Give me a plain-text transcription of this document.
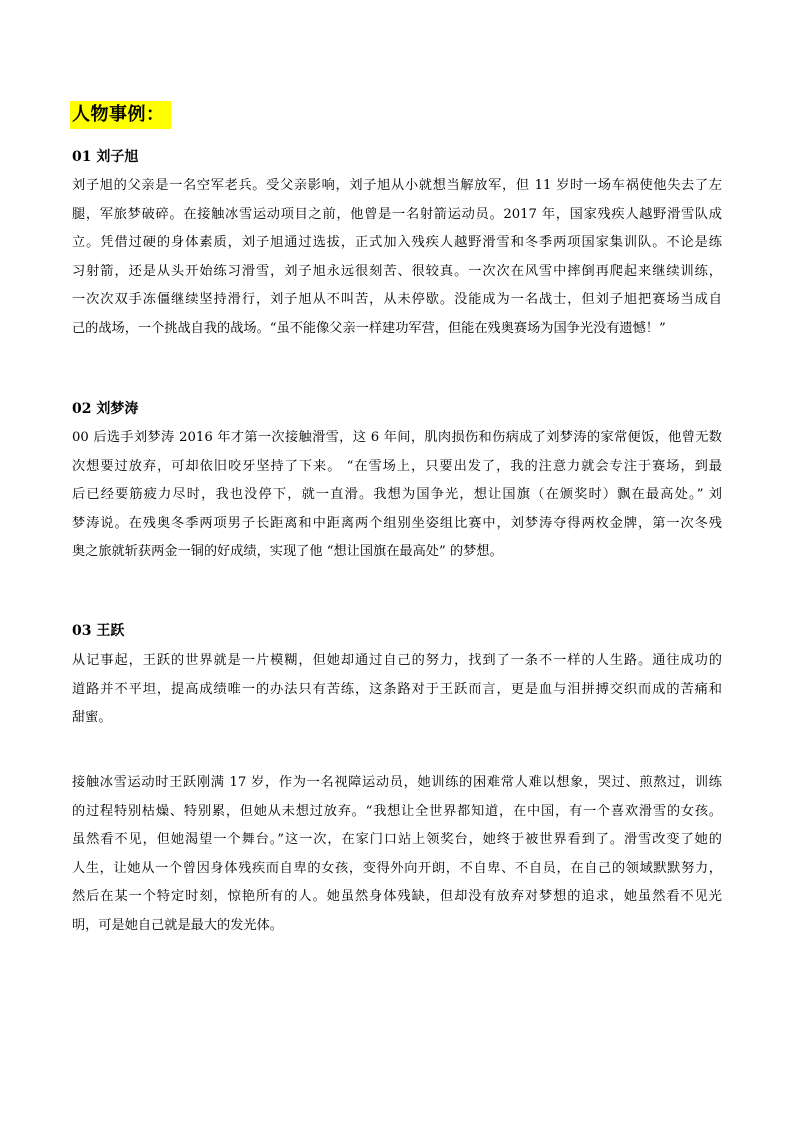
人物事例：
01 刘子旭
刘子旭的父亲是一名空军老兵。受父亲影响，刘子旭从小就想当解放军，但 11 岁时一场车祸使他失去了左
腿，军旅梦破碎。在接触冰雪运动项目之前，他曾是一名射箭运动员。2017 年，国家残疾人越野滑雪队成
立。凭借过硬的身体素质，刘子旭通过选拔，正式加入残疾人越野滑雪和冬季两项国家集训队。不论是练
习射箭，还是从头开始练习滑雪，刘子旭永远很刻苦、很较真。一次次在风雪中摔倒再爬起来继续训练，
一次次双手冻僵继续坚持滑行，刘子旭从不叫苦，从未停歇。没能成为一名战士，但刘子旭把赛场当成自
己的战场，一个挑战自我的战场。“虽不能像父亲一样建功军营，但能在残奥赛场为国争光没有遗憾！”
02 刘梦涛
00 后选手刘梦涛 2016 年才第一次接触滑雪，这 6 年间，肌肉损伤和伤病成了刘梦涛的家常便饭，他曾无数
次想要过放弃，可却依旧咬牙坚持了下来。 “在雪场上，只要出发了，我的注意力就会专注于赛场，到最
后已经要筋疲力尽时，我也没停下，就一直滑。我想为国争光，想让国旗（在颁奖时）飘在最高处。” 刘
梦涛说。在残奥冬季两项男子长距离和中距离两个组别坐姿组比赛中，刘梦涛夺得两枚金牌，第一次冬残
奥之旅就斩获两金一铜的好成绩，实现了他 “想让国旗在最高处” 的梦想。
03 王跃
从记事起，王跃的世界就是一片模糊，但她却通过自己的努力，找到了一条不一样的人生路。通往成功的
道路并不平坦，提高成绩唯一的办法只有苦练，这条路对于王跃而言，更是血与泪拼搏交织而成的苦痛和
甜蜜。
接触冰雪运动时王跃刚满 17 岁，作为一名视障运动员，她训练的困难常人难以想象，哭过、煎熬过，训练
的过程特别枯燥、特别累，但她从未想过放弃。“我想让全世界都知道，在中国，有一个喜欢滑雪的女孩。
虽然看不见，但她渴望一个舞台。”这一次，在家门口站上领奖台，她终于被世界看到了。滑雪改变了她的
人生，让她从一个曾因身体残疾而自卑的女孩，变得外向开朗，不自卑、不自员，在自己的领域默默努力，
然后在某一个特定时刻，惊艳所有的人。她虽然身体残缺，但却没有放弃对梦想的追求，她虽然看不见光
明，可是她自己就是最大的发光体。
